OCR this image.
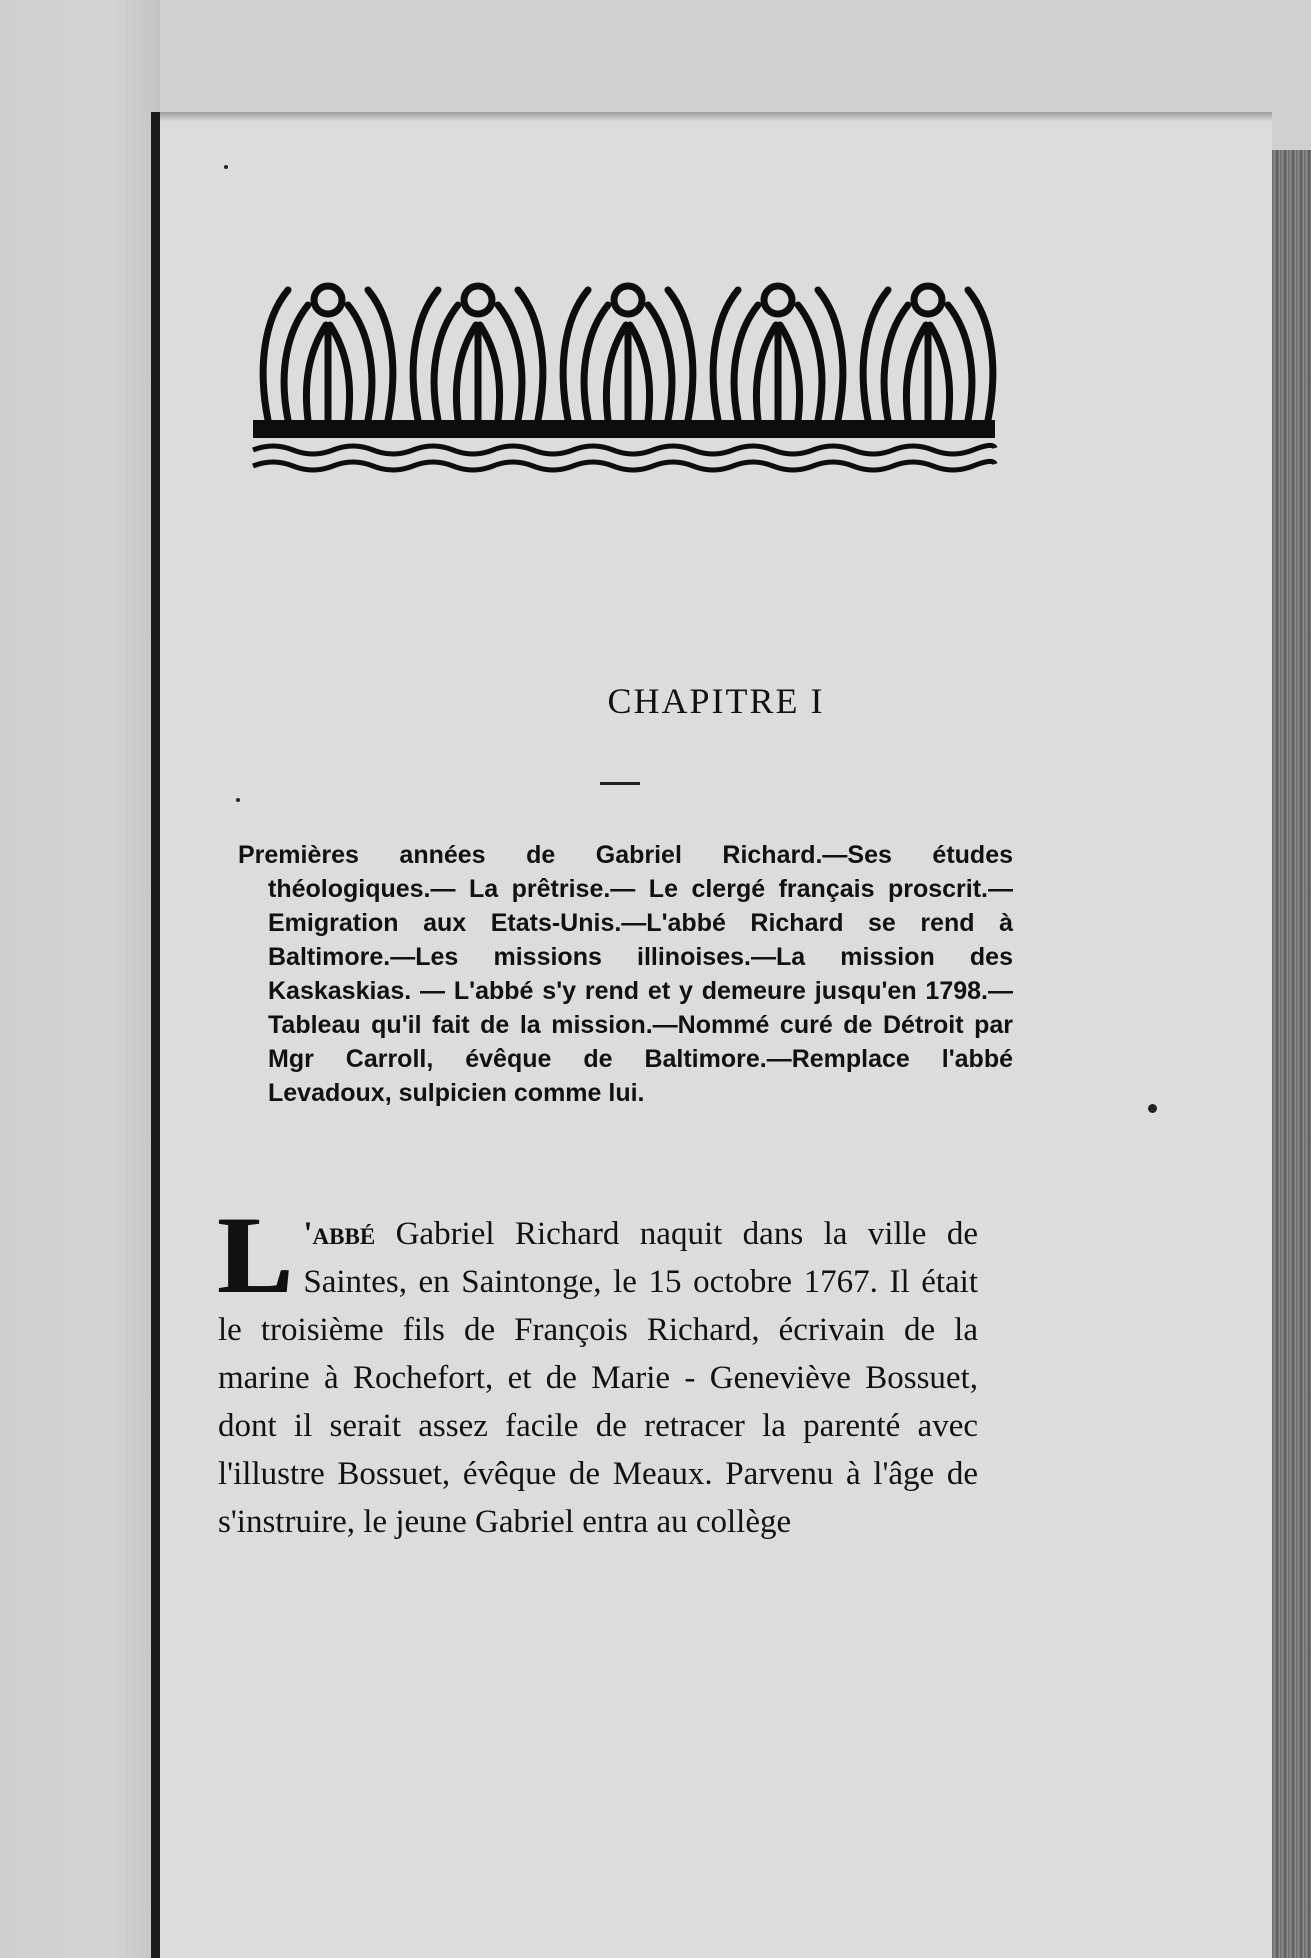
CHAPITRE I
Premières années de Gabriel Richard.—Ses études théologiques.— La prêtrise.— Le clergé français proscrit.—Emigration aux Etats-Unis.—L'abbé Richard se rend à Baltimore.—Les missions illinoises.—La mission des Kaskaskias. — L'abbé s'y rend et y demeure jusqu'en 1798.—Tableau qu'il fait de la mission.—Nommé curé de Détroit par Mgr Carroll, évêque de Baltimore.—Remplace l'abbé Levadoux, sulpicien comme lui.
L 'abbé Gabriel Richard naquit dans la ville de Saintes, en Saintonge, le 15 octobre 1767. Il était le troisième fils de François Richard, écrivain de la marine à Rochefort, et de Marie - Geneviève Bossuet, dont il serait assez facile de retracer la parenté avec l'illustre Bossuet, évêque de Meaux. Parvenu à l'âge de s'instruire, le jeune Gabriel entra au collège
